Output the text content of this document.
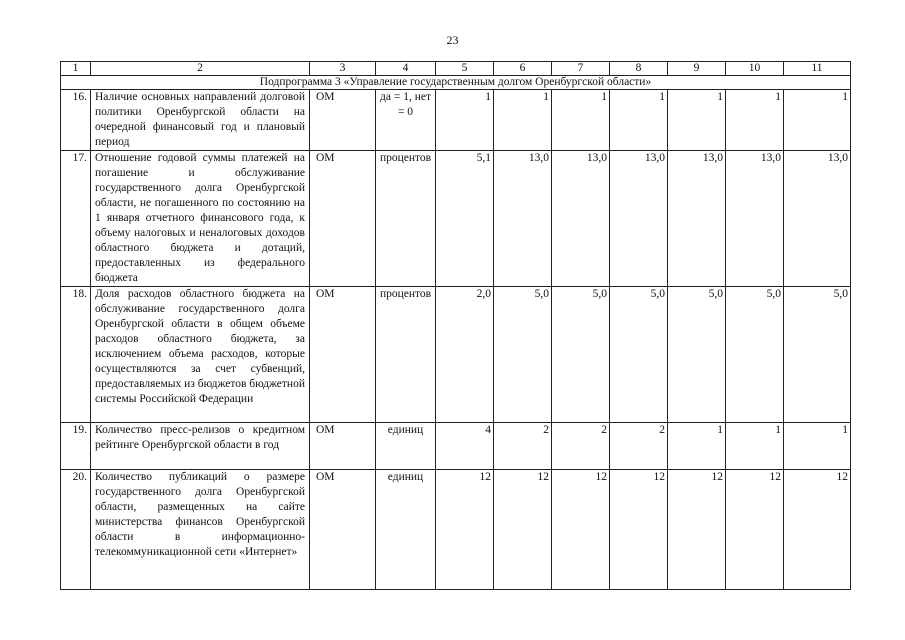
23
1	2	3	4	5	6	7	8	9	10	11
Подпрограмма 3 «Управление государственным долгом Оренбургской области»										
16.	Наличие основных направлений долговой политики Оренбургской области на очередной финансовый год и плановый период	ОМ	да = 1, нет = 0	1	1	1	1	1	1	1
17.	Отношение годовой суммы платежей на погашение и обслуживание государственного долга Оренбургской области, не погашенного по состоянию на 1 января отчетного финансового года, к объему налоговых и неналоговых доходов областного бюджета и дотаций, предоставленных из федерального бюджета	ОМ	процентов	5,1	13,0	13,0	13,0	13,0	13,0	13,0
18.	Доля расходов областного бюджета на обслуживание государственного долга Оренбургской области в общем объеме расходов областного бюджета, за исключением объема расходов, которые осуществляются за счет субвенций, предоставляемых из бюджетов бюджетной системы Российской Федерации	ОМ	процентов	2,0	5,0	5,0	5,0	5,0	5,0	5,0
19.	Количество пресс-релизов о кредитном рейтинге Оренбургской области в год	ОМ	единиц	4	2	2	2	1	1	1
20.	Количество публикаций о размере государственного долга Оренбургской области, размещенных на сайте министерства финансов Оренбургской области в информационно-телекоммуникационной сети «Интернет»	ОМ	единиц	12	12	12	12	12	12	12
